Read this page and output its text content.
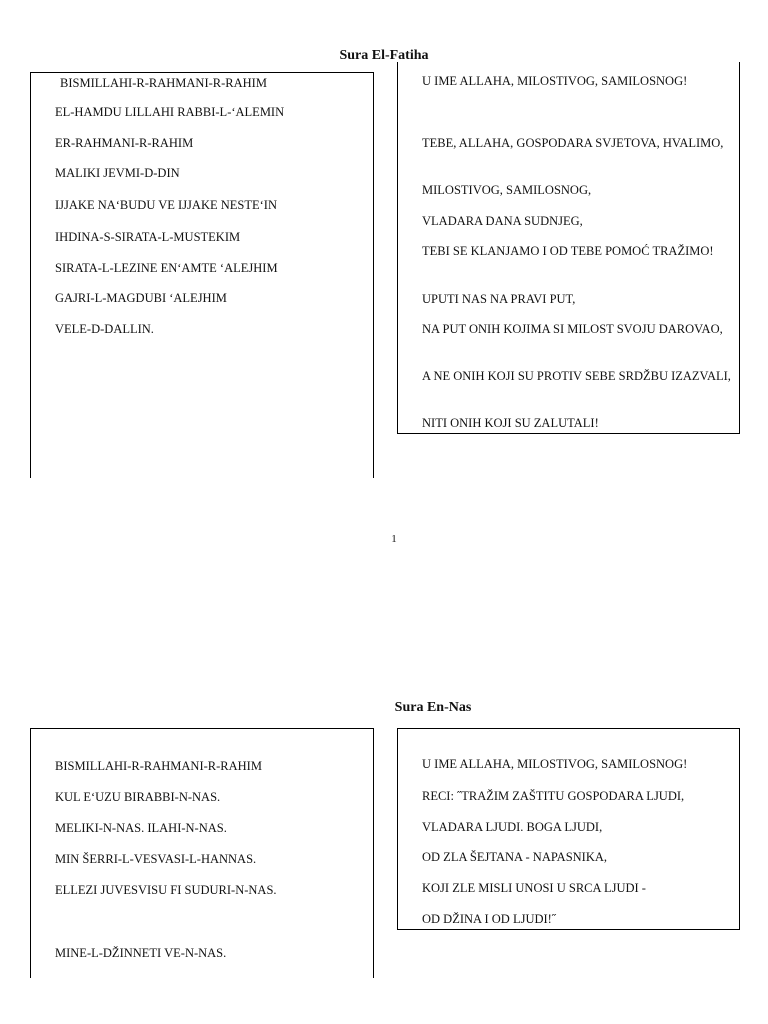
Sura El-Fatiha
BISMILLAHI-R-RAHMANI-R-RAHIM
EL-HAMDU LILLAHI RABBI-L-‘ALEMIN
ER-RAHMANI-R-RAHIM
MALIKI JEVMI-D-DIN
IJJAKE NA‘BUDU VE IJJAKE NESTE‘IN
IHDINA-S-SIRATA-L-MUSTEKIM
SIRATA-L-LEZINE EN‘AMTE ‘ALEJHIM
GAJRI-L-MAGDUBI ‘ALEJHIM
VELE-D-DALLIN.
U IME ALLAHA, MILOSTIVOG, SAMILOSNOG!
TEBE, ALLAHA, GOSPODARA SVJETOVA, HVALIMO,
MILOSTIVOG, SAMILOSNOG,
VLADARA DANA SUDNJEG,
TEBI SE KLANJAMO I OD TEBE POMOĆ TRAŽIMO!
UPUTI NAS NA PRAVI PUT,
NA PUT ONIH KOJIMA SI MILOST SVOJU DAROVAO,
A NE ONIH KOJI SU PROTIV SEBE SRDŽBU IZAZVALI,
NITI ONIH KOJI SU ZALUTALI!
1
Sura En-Nas
BISMILLAHI-R-RAHMANI-R-RAHIM
KUL E‘UZU BIRABBI-N-NAS.
MELIKI-N-NAS. ILAHI-N-NAS.
MIN ŠERRI-L-VESVASI-L-HANNAS.
ELLEZI JUVESVISU FI SUDURI-N-NAS.
MINE-L-DŽINNETI VE-N-NAS.
U IME ALLAHA, MILOSTIVOG, SAMILOSNOG!
RECI: ˝TRAŽIM ZAŠTITU GOSPODARA LJUDI,
VLADARA LJUDI. BOGA LJUDI,
OD ZLA ŠEJTANA - NAPASNIKA,
KOJI ZLE MISLI UNOSI U SRCA LJUDI -
OD DŽINA I OD LJUDI!˝
